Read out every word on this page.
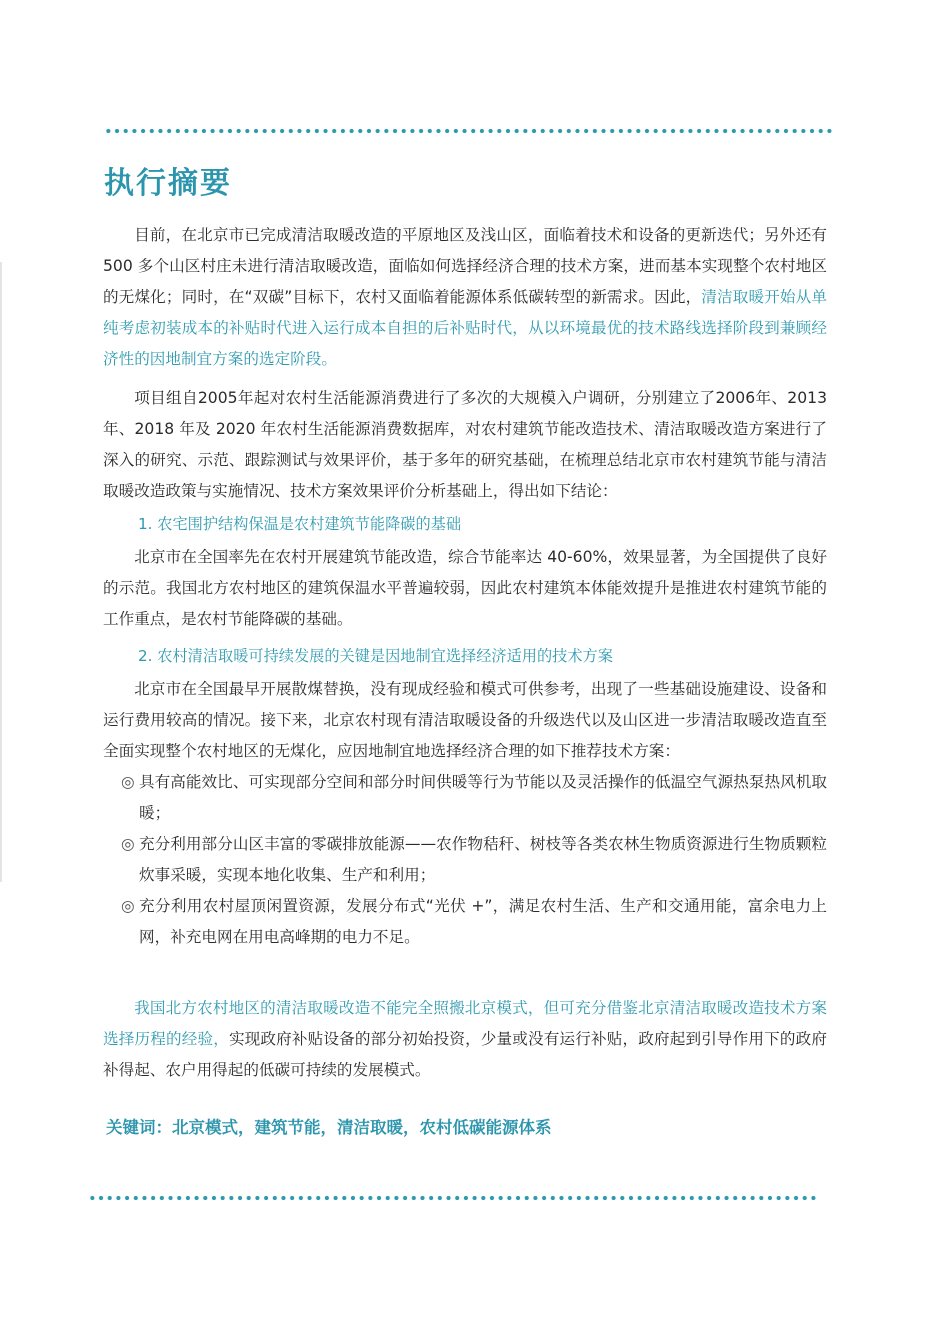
执行摘要

目前，在北京市已完成清洁取暖改造的平原地区及浅山区，面临着技术和设备的更新迭代；另外还有 500 多个山区村庄未进行清洁取暖改造，面临如何选择经济合理的技术方案，进而基本实现整个农村地区的无煤化；同时，在“双碳”目标下，农村又面临着能源体系低碳转型的新需求。因此，清洁取暖开始从单纯考虑初装成本的补贴时代进入运行成本自担的后补贴时代，从以环境最优的技术路线选择阶段到兼顾经济性的因地制宜方案的选定阶段。

项目组自2005年起对农村生活能源消费进行了多次的大规模入户调研，分别建立了2006年、2013 年、2018 年及 2020 年农村生活能源消费数据库，对农村建筑节能改造技术、清洁取暖改造方案进行了深入的研究、示范、跟踪测试与效果评价，基于多年的研究基础，在梳理总结北京市农村建筑节能与清洁取暖改造政策与实施情况、技术方案效果评价分析基础上，得出如下结论：

1. 农宅围护结构保温是农村建筑节能降碳的基础

北京市在全国率先在农村开展建筑节能改造，综合节能率达 40-60%，效果显著，为全国提供了良好的示范。我国北方农村地区的建筑保温水平普遍较弱，因此农村建筑本体能效提升是推进农村建筑节能的工作重点，是农村节能降碳的基础。

2. 农村清洁取暖可持续发展的关键是因地制宜选择经济适用的技术方案

北京市在全国最早开展散煤替换，没有现成经验和模式可供参考，出现了一些基础设施建设、设备和运行费用较高的情况。接下来，北京农村现有清洁取暖设备的升级迭代以及山区进一步清洁取暖改造直至全面实现整个农村地区的无煤化，应因地制宜地选择经济合理的如下推荐技术方案：

◎ 具有高能效比、可实现部分空间和部分时间供暖等行为节能以及灵活操作的低温空气源热泵热风机取暖；
◎ 充分利用部分山区丰富的零碳排放能源——农作物秸秆、树枝等各类农林生物质资源进行生物质颗粒炊事采暖，实现本地化收集、生产和利用；
◎ 充分利用农村屋顶闲置资源，发展分布式“光伏 +”，满足农村生活、生产和交通用能，富余电力上网，补充电网在用电高峰期的电力不足。

我国北方农村地区的清洁取暖改造不能完全照搬北京模式，但可充分借鉴北京清洁取暖改造技术方案选择历程的经验，实现政府补贴设备的部分初始投资，少量或没有运行补贴，政府起到引导作用下的政府补得起、农户用得起的低碳可持续的发展模式。

关键词：北京模式，建筑节能，清洁取暖，农村低碳能源体系
